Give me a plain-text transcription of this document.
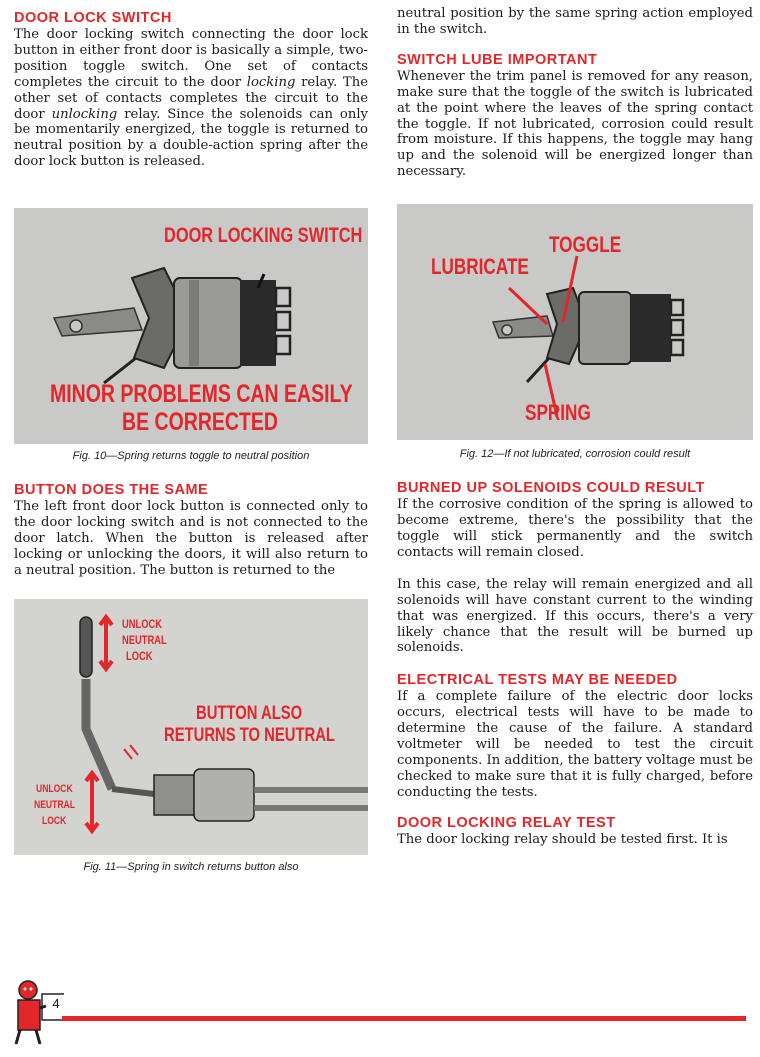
DOOR LOCK SWITCH

The door locking switch connecting the door lock button in either front door is basically a simple, two-position toggle switch. One set of contacts completes the circuit to the door locking relay. The other set of contacts completes the circuit to the door unlocking relay. Since the solenoids can only be momentarily energized, the toggle is returned to neutral position by a double-action spring after the door lock button is released.

DOOR LOCKING SWITCH
MINOR PROBLEMS CAN EASILY
BE CORRECTED
Fig. 10—Spring returns toggle to neutral position
BUTTON DOES THE SAME

The left front door lock button is connected only to the door locking switch and is not connected to the door latch. When the button is released after locking or unlocking the doors, it will also return to a neutral position. The button is returned to the

UNLOCK
NEUTRAL
LOCK
BUTTON ALSO
RETURNS TO NEUTRAL
UNLOCK
NEUTRAL
LOCK
Fig. 11—Spring in switch returns button also

neutral position by the same spring action employed in the switch.

SWITCH LUBE IMPORTANT

Whenever the trim panel is removed for any reason, make sure that the toggle of the switch is lubricated at the point where the leaves of the spring contact the toggle. If not lubricated, corrosion could result from moisture. If this happens, the toggle may hang up and the solenoid will be energized longer than necessary.

TOGGLE
LUBRICATE
SPRING
Fig. 12—If not lubricated, corrosion could result
BURNED UP SOLENOIDS COULD RESULT

If the corrosive condition of the spring is allowed to become extreme, there's the possibility that the toggle will stick permanently and the switch contacts will remain closed.

In this case, the relay will remain energized and all solenoids will have constant current to the winding that was energized. If this occurs, there's a very likely chance that the result will be burned up solenoids.

ELECTRICAL TESTS MAY BE NEEDED

If a complete failure of the electric door locks occurs, electrical tests will have to be made to determine the cause of the failure. A standard voltmeter will be needed to test the circuit components. In addition, the battery voltage must be checked to make sure that it is fully charged, before conducting the tests.

DOOR LOCKING RELAY TEST

The door locking relay should be tested first. It is

4
